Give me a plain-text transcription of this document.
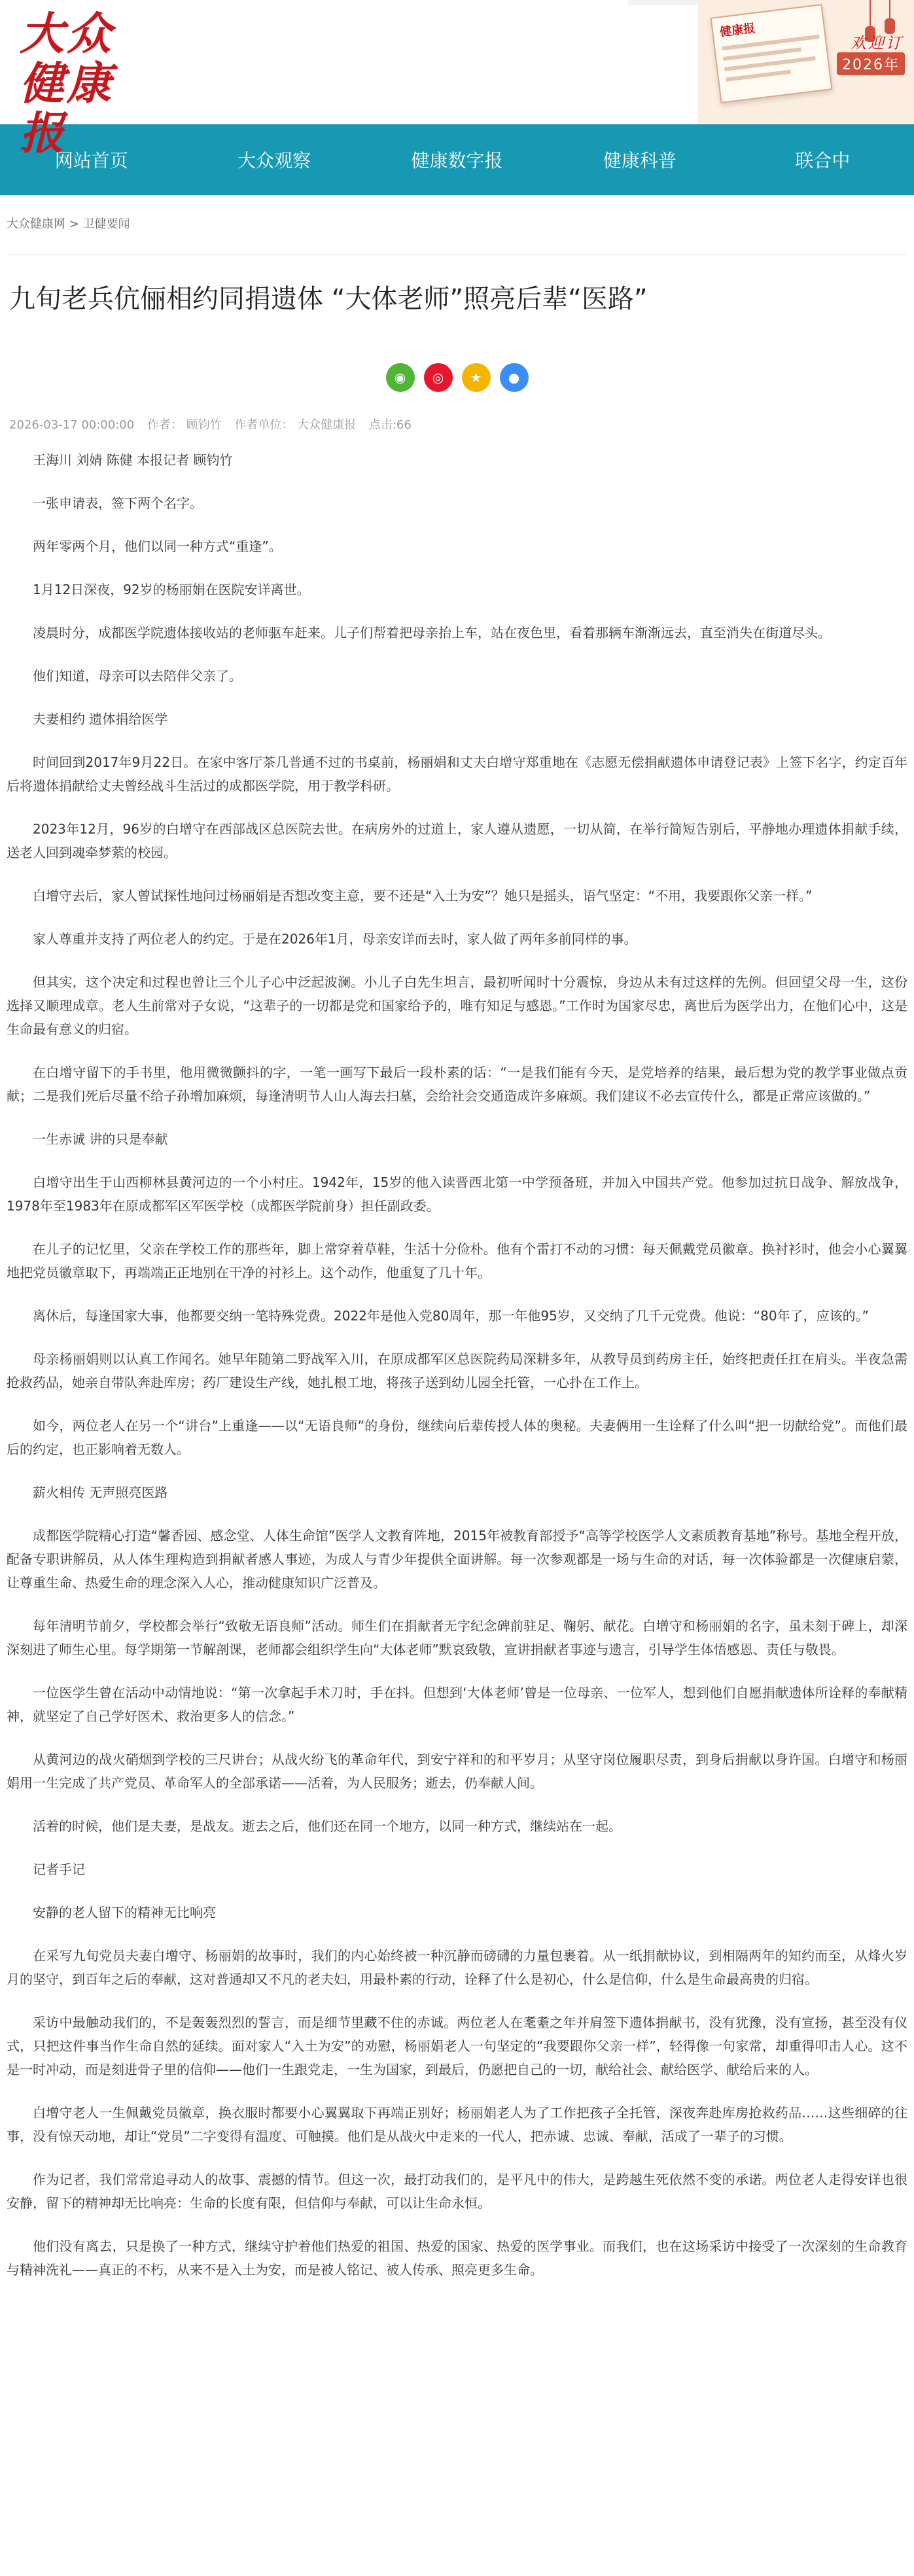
大众
健康报
健康报
欢迎订
2026年
网站首页	大众观察	健康数字报	健康科普	联合中
大众健康网 > 卫健要闻
九旬老兵伉俪相约同捐遗体 “大体老师”照亮后辈“医路”
◉	◎	★	●
2026-03-17 00:00:00 作者： 顾钧竹 作者单位： 大众健康报 点击:66

王海川 刘婧 陈健 本报记者 顾钧竹

一张申请表，签下两个名字。

两年零两个月，他们以同一种方式“重逢”。

1月12日深夜，92岁的杨丽娟在医院安详离世。

凌晨时分，成都医学院遗体接收站的老师驱车赶来。儿子们帮着把母亲抬上车，站在夜色里，看着那辆车渐渐远去，直至消失在街道尽头。

他们知道，母亲可以去陪伴父亲了。

夫妻相约 遗体捐给医学

时间回到2017年9月22日。在家中客厅茶几普通不过的书桌前，杨丽娟和丈夫白增守郑重地在《志愿无偿捐献遗体申请登记表》上签下名字，约定百年后将遗体捐献给丈夫曾经战斗生活过的成都医学院，用于教学科研。

2023年12月，96岁的白增守在西部战区总医院去世。在病房外的过道上，家人遵从遗愿，一切从简，在举行简短告别后，平静地办理遗体捐献手续，送老人回到魂牵梦萦的校园。

白增守去后，家人曾试探性地问过杨丽娟是否想改变主意，要不还是“入土为安”？她只是摇头，语气坚定：“不用，我要跟你父亲一样。”

家人尊重并支持了两位老人的约定。于是在2026年1月，母亲安详而去时，家人做了两年多前同样的事。

但其实，这个决定和过程也曾让三个儿子心中泛起波澜。小儿子白先生坦言，最初听闻时十分震惊，身边从未有过这样的先例。但回望父母一生，这份选择又顺理成章。老人生前常对子女说，“这辈子的一切都是党和国家给予的，唯有知足与感恩。”工作时为国家尽忠，离世后为医学出力，在他们心中，这是生命最有意义的归宿。

在白增守留下的手书里，他用微微颤抖的字，一笔一画写下最后一段朴素的话：“一是我们能有今天，是党培养的结果，最后想为党的教学事业做点贡献；二是我们死后尽量不给子孙增加麻烦，每逢清明节人山人海去扫墓，会给社会交通造成许多麻烦。我们建议不必去宣传什么，都是正常应该做的。”

一生赤诚 讲的只是奉献

白增守出生于山西柳林县黄河边的一个小村庄。1942年，15岁的他入读晋西北第一中学预备班，并加入中国共产党。他参加过抗日战争、解放战争，1978年至1983年在原成都军区军医学校（成都医学院前身）担任副政委。

在儿子的记忆里，父亲在学校工作的那些年，脚上常穿着草鞋，生活十分俭朴。他有个雷打不动的习惯：每天佩戴党员徽章。换衬衫时，他会小心翼翼地把党员徽章取下，再端端正正地别在干净的衬衫上。这个动作，他重复了几十年。

离休后，每逢国家大事，他都要交纳一笔特殊党费。2022年是他入党80周年，那一年他95岁，又交纳了几千元党费。他说：“80年了，应该的。”

母亲杨丽娟则以认真工作闻名。她早年随第二野战军入川，在原成都军区总医院药局深耕多年，从教导员到药房主任，始终把责任扛在肩头。半夜急需抢救药品，她亲自带队奔赴库房；药厂建设生产线，她扎根工地，将孩子送到幼儿园全托管，一心扑在工作上。

如今，两位老人在另一个“讲台”上重逢——以“无语良师”的身份，继续向后辈传授人体的奥秘。夫妻俩用一生诠释了什么叫“把一切献给党”。而他们最后的约定，也正影响着无数人。

薪火相传 无声照亮医路

成都医学院精心打造“馨香园、感念堂、人体生命馆”医学人文教育阵地，2015年被教育部授予“高等学校医学人文素质教育基地”称号。基地全程开放，配备专职讲解员，从人体生理构造到捐献者感人事迹，为成人与青少年提供全面讲解。每一次参观都是一场与生命的对话，每一次体验都是一次健康启蒙，让尊重生命、热爱生命的理念深入人心，推动健康知识广泛普及。

每年清明节前夕，学校都会举行“致敬无语良师”活动。师生们在捐献者无字纪念碑前驻足、鞠躬、献花。白增守和杨丽娟的名字，虽未刻于碑上，却深深刻进了师生心里。每学期第一节解剖课，老师都会组织学生向“大体老师”默哀致敬，宣讲捐献者事迹与遗言，引导学生体悟感恩、责任与敬畏。

一位医学生曾在活动中动情地说：“第一次拿起手术刀时，手在抖。但想到‘大体老师’曾是一位母亲、一位军人，想到他们自愿捐献遗体所诠释的奉献精神，就坚定了自己学好医术、救治更多人的信念。”

从黄河边的战火硝烟到学校的三尺讲台；从战火纷飞的革命年代，到安宁祥和的和平岁月；从坚守岗位履职尽责，到身后捐献以身许国。白增守和杨丽娟用一生完成了共产党员、革命军人的全部承诺——活着，为人民服务；逝去，仍奉献人间。

活着的时候，他们是夫妻，是战友。逝去之后，他们还在同一个地方，以同一种方式，继续站在一起。

记者手记

安静的老人留下的精神无比响亮

在采写九旬党员夫妻白增守、杨丽娟的故事时，我们的内心始终被一种沉静而磅礴的力量包裹着。从一纸捐献协议，到相隔两年的知约而至，从烽火岁月的坚守，到百年之后的奉献，这对普通却又不凡的老夫妇，用最朴素的行动，诠释了什么是初心，什么是信仰，什么是生命最高贵的归宿。

采访中最触动我们的，不是轰轰烈烈的誓言，而是细节里藏不住的赤诚。两位老人在耄耋之年并肩签下遗体捐献书，没有犹豫，没有宣扬，甚至没有仪式，只把这件事当作生命自然的延续。面对家人“入土为安”的劝慰，杨丽娟老人一句坚定的“我要跟你父亲一样”，轻得像一句家常，却重得叩击人心。这不是一时冲动，而是刻进骨子里的信仰——他们一生跟党走，一生为国家，到最后，仍愿把自己的一切，献给社会、献给医学、献给后来的人。

白增守老人一生佩戴党员徽章，换衣服时都要小心翼翼取下再端正别好；杨丽娟老人为了工作把孩子全托管，深夜奔赴库房抢救药品……这些细碎的往事，没有惊天动地，却让“党员”二字变得有温度、可触摸。他们是从战火中走来的一代人，把赤诚、忠诚、奉献，活成了一辈子的习惯。

作为记者，我们常常追寻动人的故事、震撼的情节。但这一次，最打动我们的，是平凡中的伟大，是跨越生死依然不变的承诺。两位老人走得安详也很安静，留下的精神却无比响亮：生命的长度有限，但信仰与奉献，可以让生命永恒。

他们没有离去，只是换了一种方式，继续守护着他们热爱的祖国、热爱的国家、热爱的医学事业。而我们，也在这场采访中接受了一次深刻的生命教育与精神洗礼——真正的不朽，从来不是入土为安，而是被人铭记、被人传承、照亮更多生命。
